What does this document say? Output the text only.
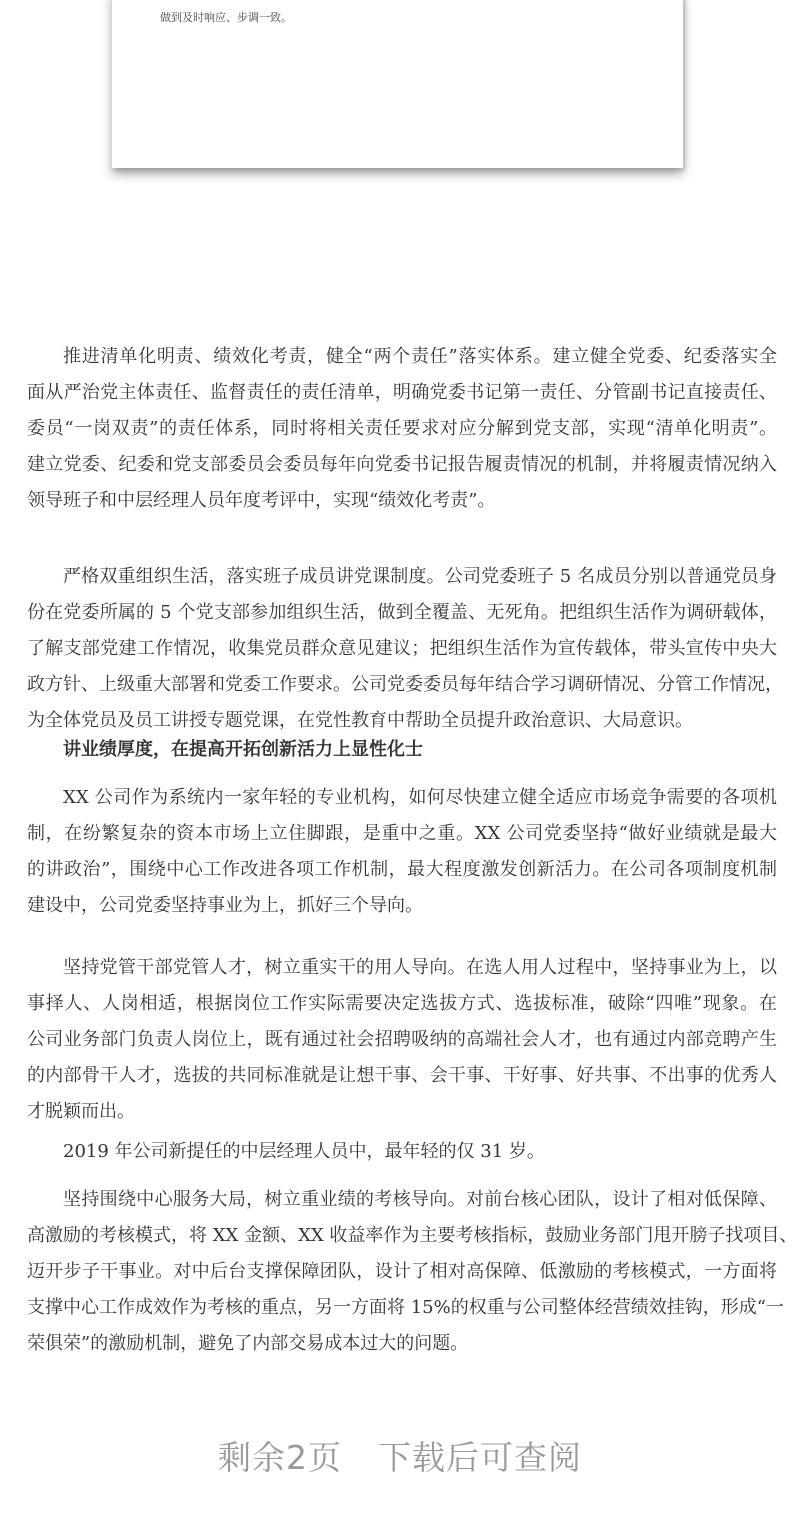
做到及时响应、步调一致。
推进清单化明责、绩效化考责，健全“两个责任”落实体系。建立健全党委、纪委落实全
面从严治党主体责任、监督责任的责任清单，明确党委书记第一责任、分管副书记直接责任、
委员“一岗双责”的责任体系，同时将相关责任要求对应分解到党支部，实现“清单化明责”。
建立党委、纪委和党支部委员会委员每年向党委书记报告履责情况的机制，并将履责情况纳入
领导班子和中层经理人员年度考评中，实现“绩效化考责”。
严格双重组织生活，落实班子成员讲党课制度。公司党委班子 5 名成员分别以普通党员身
份在党委所属的 5 个党支部参加组织生活，做到全覆盖、无死角。把组织生活作为调研载体，
了解支部党建工作情况，收集党员群众意见建议；把组织生活作为宣传载体，带头宣传中央大
政方针、上级重大部署和党委工作要求。公司党委委员每年结合学习调研情况、分管工作情况，
为全体党员及员工讲授专题党课，在党性教育中帮助全员提升政治意识、大局意识。
讲业绩厚度，在提高开拓创新活力上显性化士
XX 公司作为系统内一家年轻的专业机构，如何尽快建立健全适应市场竞争需要的各项机
制，在纷繁复杂的资本市场上立住脚跟，是重中之重。XX 公司党委坚持“做好业绩就是最大
的讲政治”，围绕中心工作改进各项工作机制，最大程度激发创新活力。在公司各项制度机制
建设中，公司党委坚持事业为上，抓好三个导向。
坚持党管干部党管人才，树立重实干的用人导向。在选人用人过程中，坚持事业为上，以
事择人、人岗相适，根据岗位工作实际需要决定选拔方式、选拔标准，破除“四唯”现象。在
公司业务部门负责人岗位上，既有通过社会招聘吸纳的高端社会人才，也有通过内部竞聘产生
的内部骨干人才，选拔的共同标准就是让想干事、会干事、干好事、好共事、不出事的优秀人
才脱颖而出。
2019 年公司新提任的中层经理人员中，最年轻的仅 31 岁。
坚持围绕中心服务大局，树立重业绩的考核导向。对前台核心团队，设计了相对低保障、
高激励的考核模式，将 XX 金额、XX 收益率作为主要考核指标，鼓励业务部门甩开膀子找项目、
迈开步子干事业。对中后台支撑保障团队，设计了相对高保障、低激励的考核模式，一方面将
支撑中心工作成效作为考核的重点，另一方面将 15%的权重与公司整体经营绩效挂钩，形成“一
荣俱荣”的激励机制，避免了内部交易成本过大的问题。
剩余2页 下载后可查阅
